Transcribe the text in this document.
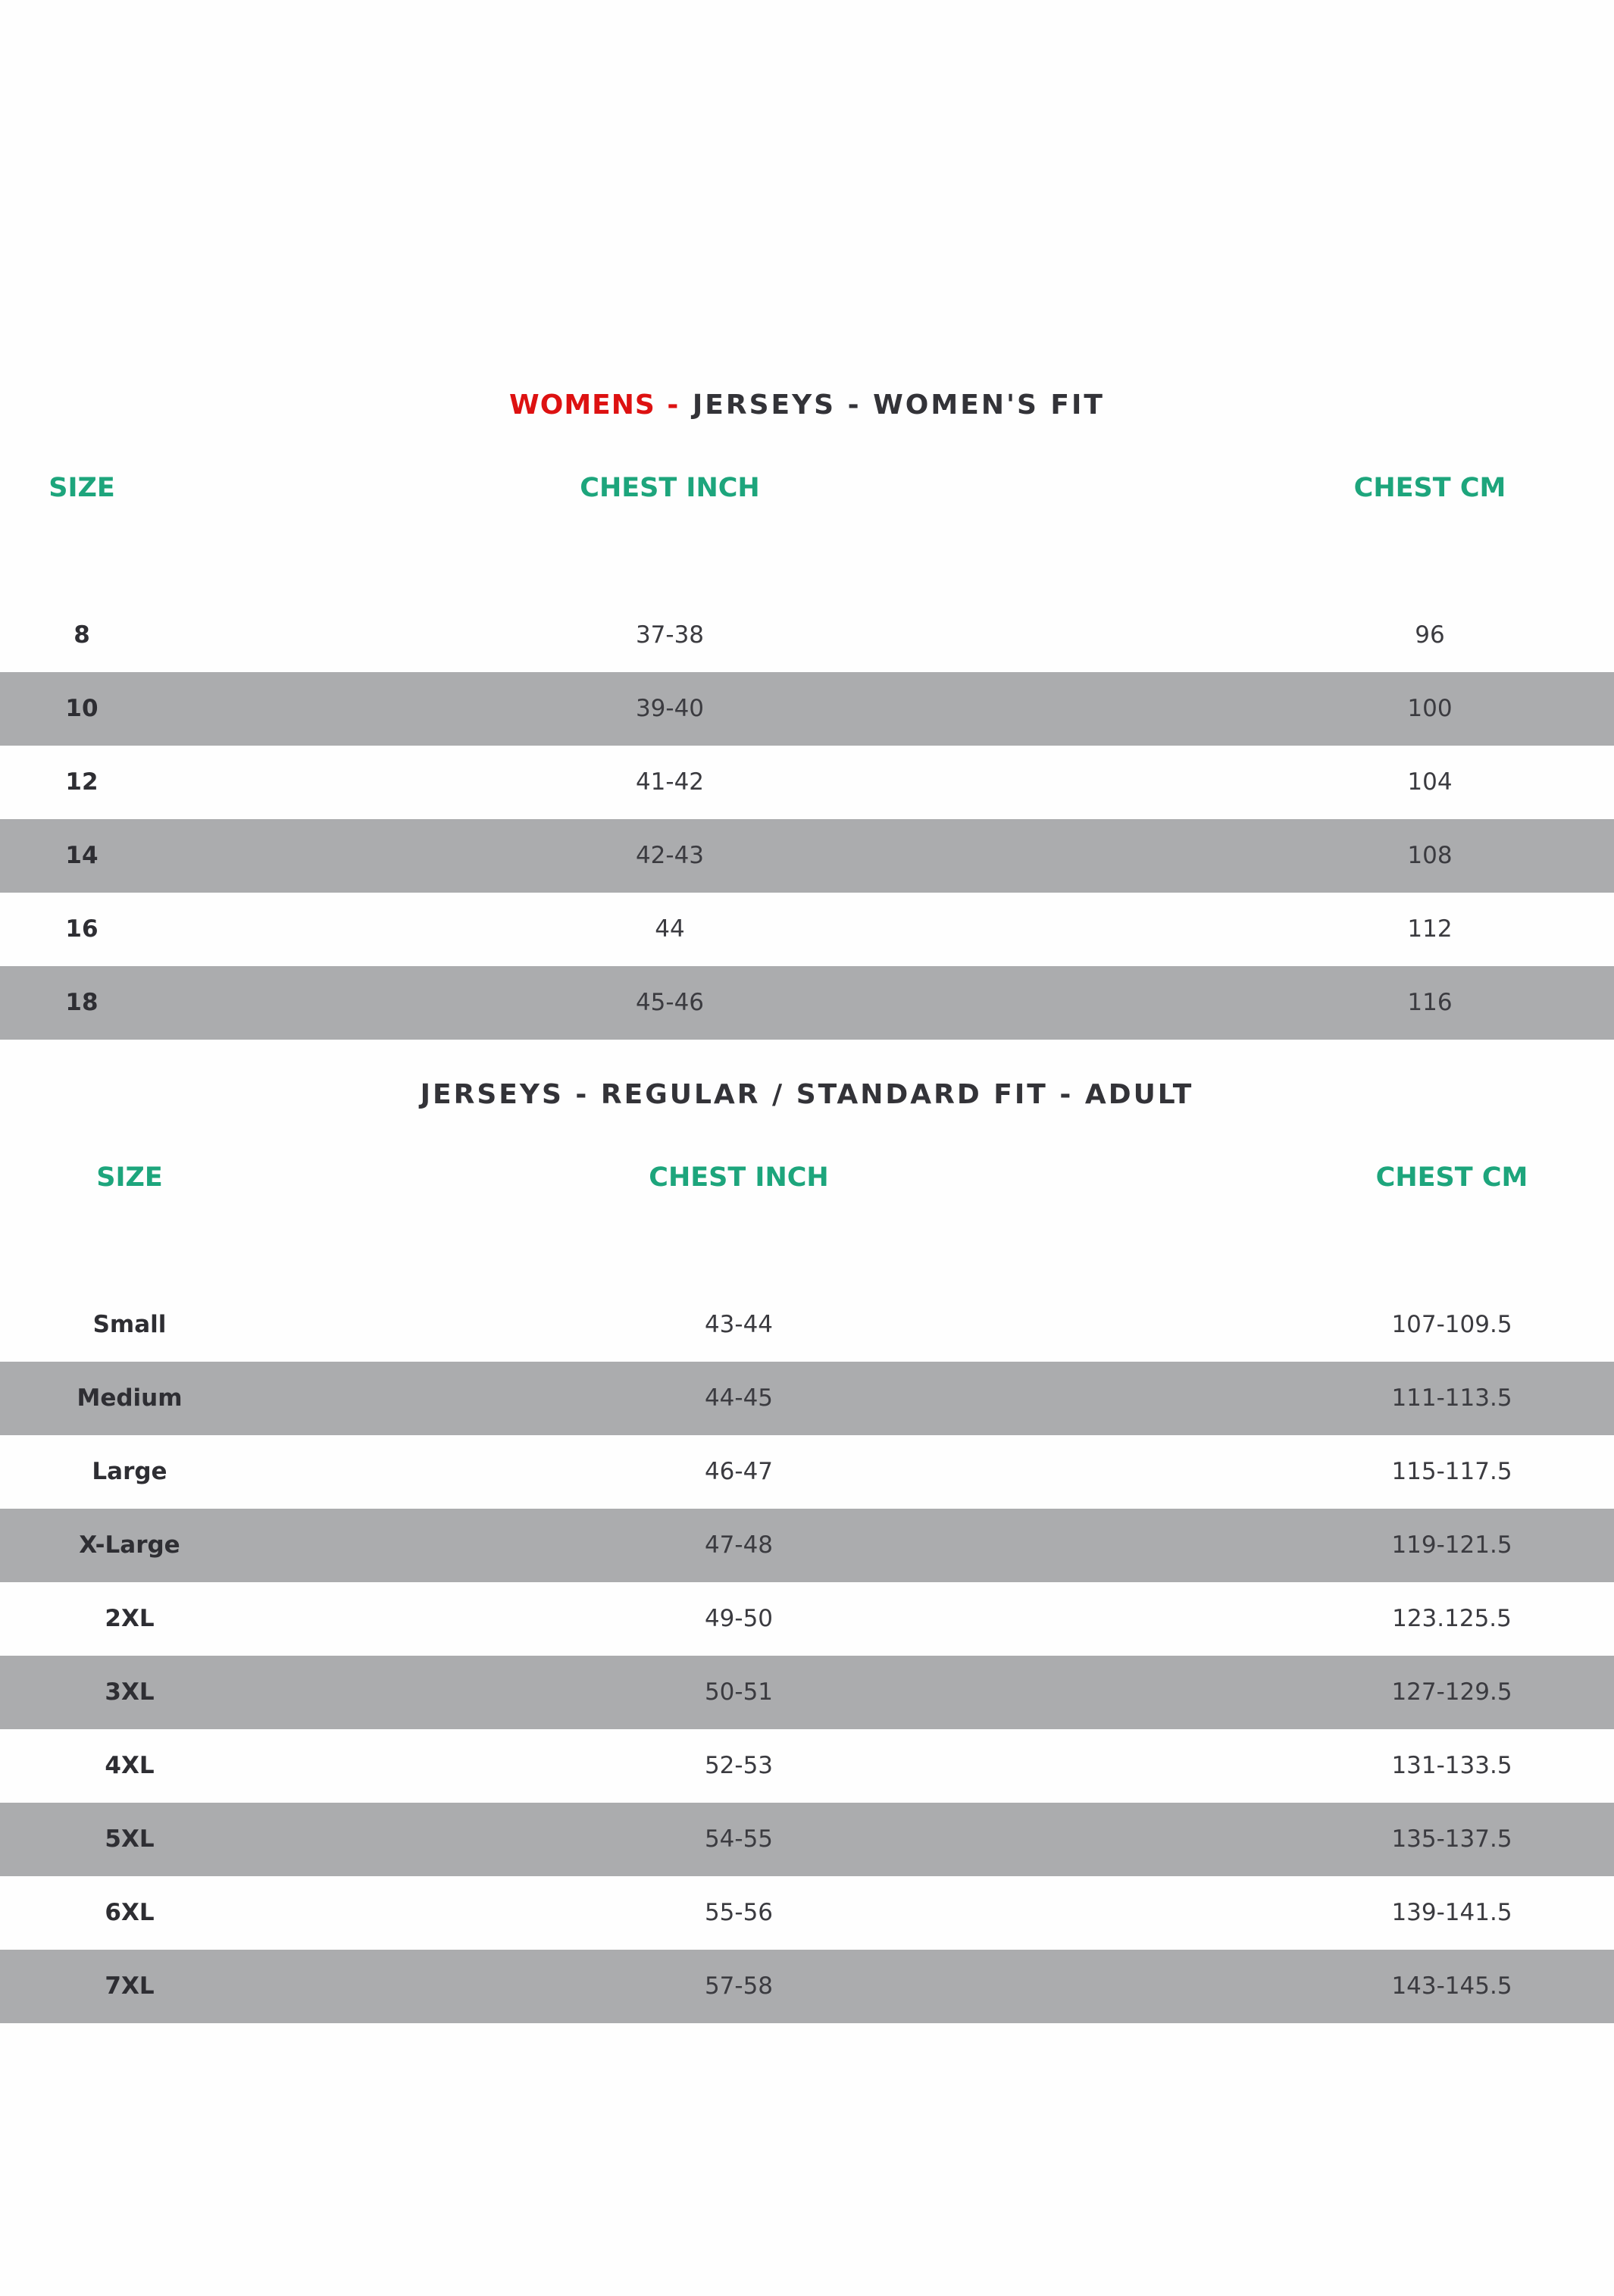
WOMENS - JERSEYS - WOMEN'S FIT
SIZE	CHEST INCH	CHEST CM
8	37-38	96
10	39-40	100
12	41-42	104
14	42-43	108
16	44	112
18	45-46	116
JERSEYS - REGULAR / STANDARD FIT - ADULT
SIZE	CHEST INCH	CHEST CM
Small	43-44	107-109.5
Medium	44-45	111-113.5
Large	46-47	115-117.5
X-Large	47-48	119-121.5
2XL	49-50	123.125.5
3XL	50-51	127-129.5
4XL	52-53	131-133.5
5XL	54-55	135-137.5
6XL	55-56	139-141.5
7XL	57-58	143-145.5
